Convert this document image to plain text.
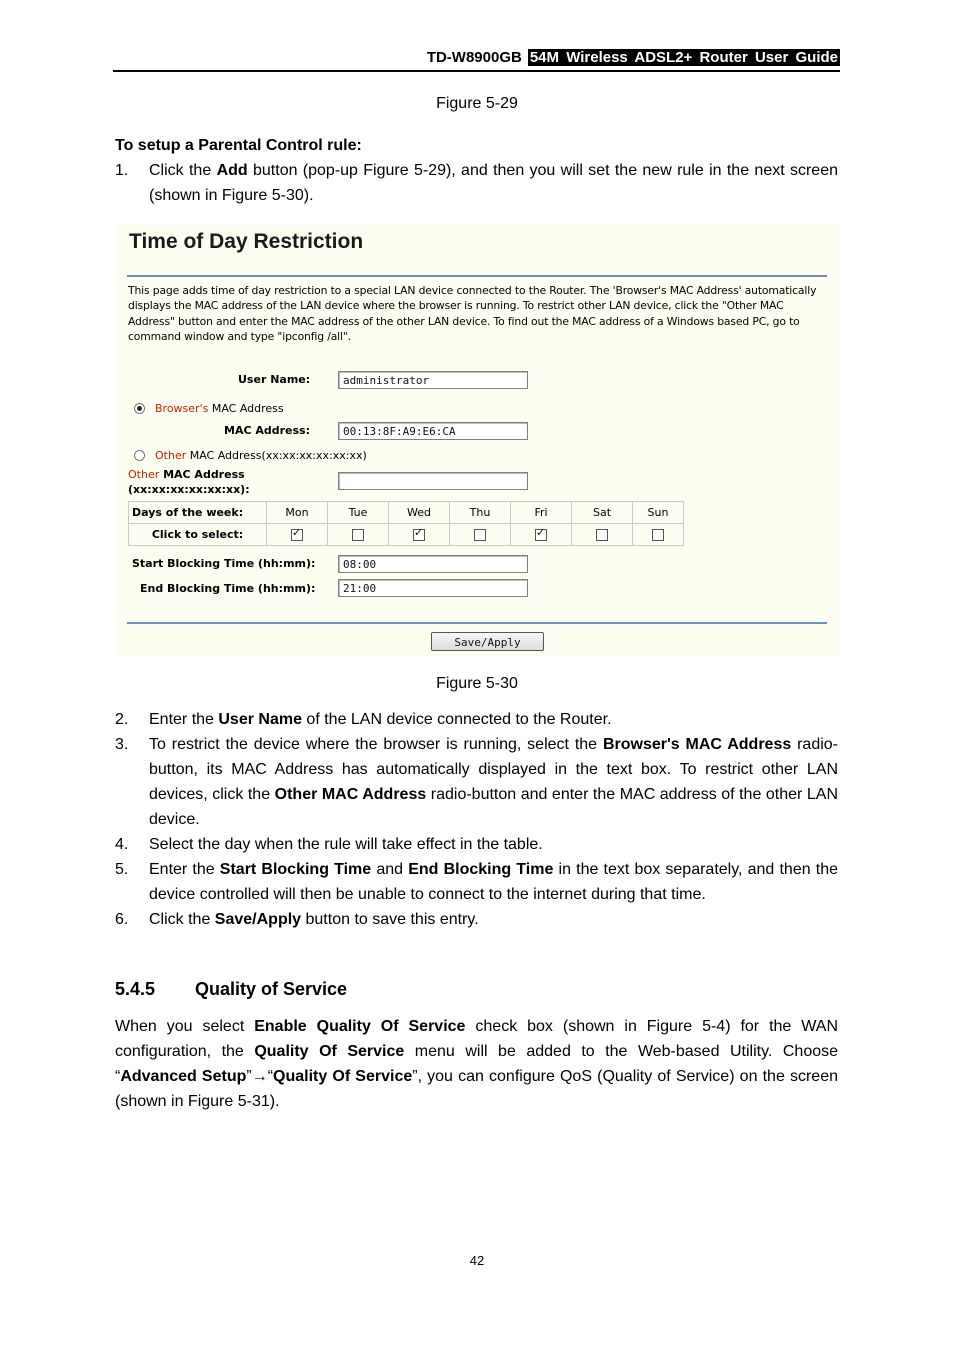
TD-W8900GB 54M Wireless ADSL2+ Router User Guide
Figure 5-29
To setup a Parental Control rule:
1. Click the Add button (pop-up Figure 5-29), and then you will set the new rule in the next screen (shown in Figure 5-30).
Time of Day Restriction
This page adds time of day restriction to a special LAN device connected to the Router. The 'Browser's MAC Address' automatically displays the MAC address of the LAN device where the browser is running. To restrict other LAN device, click the "Other MAC Address" button and enter the MAC address of the other LAN device. To find out the MAC address of a Windows based PC, go to command window and type "ipconfig /all".
User Name:	administrator
Browser's MAC Address
MAC Address:	00:13:8F:A9:E6:CA
Other MAC Address(xx:xx:xx:xx:xx:xx)
Other MAC Address
(xx:xx:xx:xx:xx:xx):
Days of the week:	Mon	Tue	Wed	Thu	Fri	Sat	Sun
Click to select:	✓		✓		✓		
Start Blocking Time (hh:mm):	08:00
End Blocking Time (hh:mm):	21:00
Save/Apply
Figure 5-30
2. Enter the User Name of the LAN device connected to the Router.
3. To restrict the device where the browser is running, select the Browser's MAC Address radio-button, its MAC Address has automatically displayed in the text box. To restrict other LAN devices, click the Other MAC Address radio-button and enter the MAC address of the other LAN device.
4. Select the day when the rule will take effect in the table.
5. Enter the Start Blocking Time and End Blocking Time in the text box separately, and then the device controlled will then be unable to connect to the internet during that time.
6. Click the Save/Apply button to save this entry.
5.4.5 Quality of Service
When you select Enable Quality Of Service check box (shown in Figure 5-4) for the WAN configuration, the Quality Of Service menu will be added to the Web-based Utility. Choose “Advanced Setup”→“Quality Of Service”, you can configure QoS (Quality of Service) on the screen (shown in Figure 5-31).
42
